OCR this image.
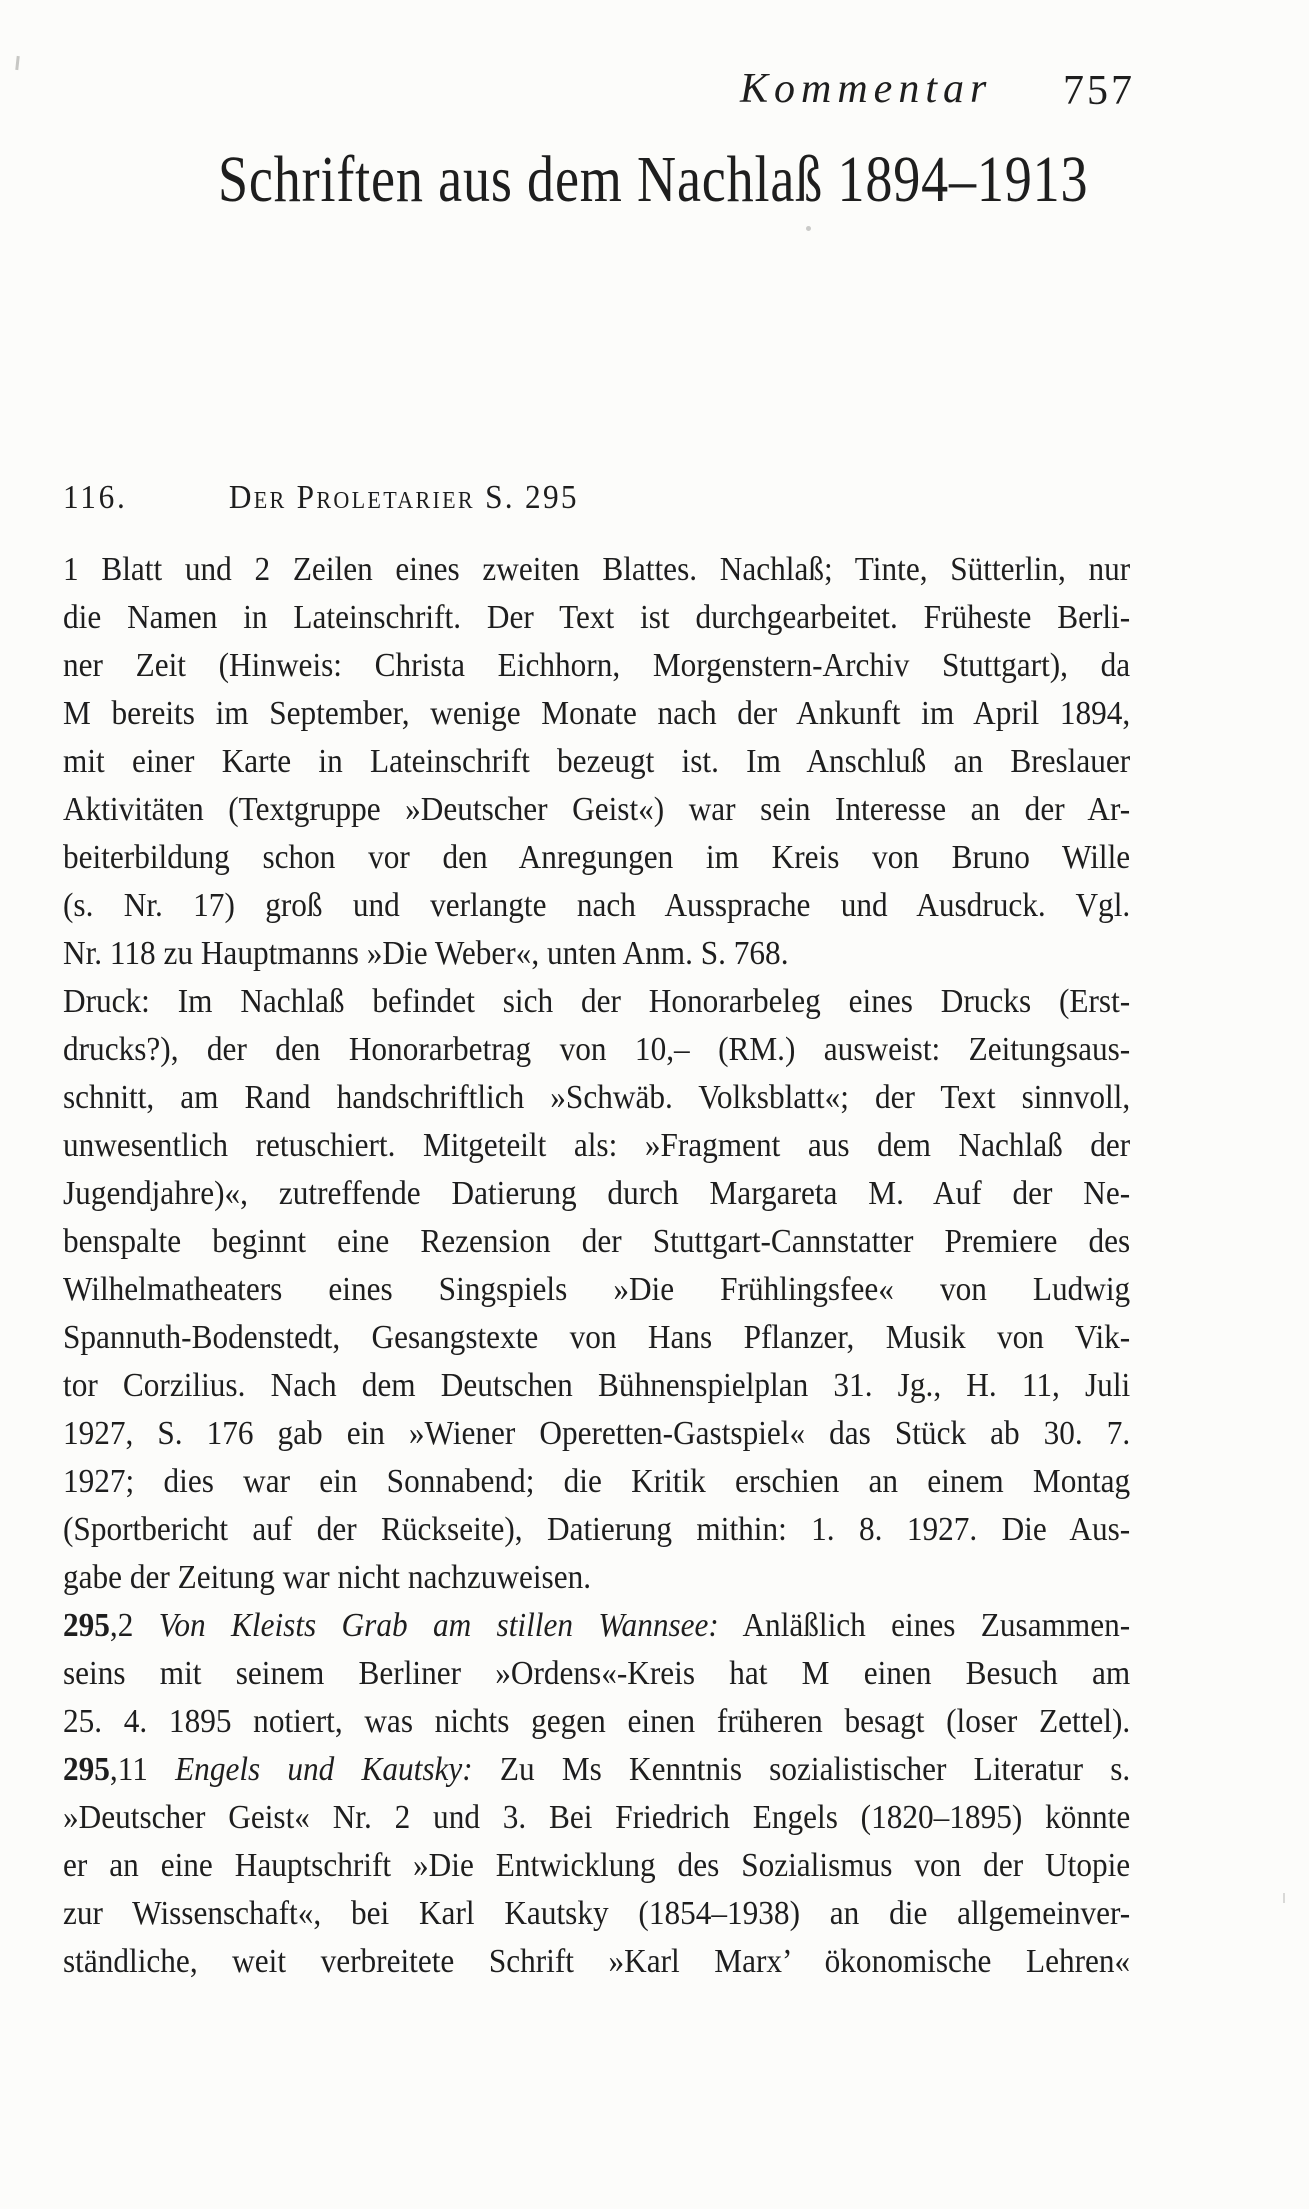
Kommentar	757
Schriften aus dem Nachlaß 1894–1913
116.	Der Proletarier S. 295
1 Blatt und 2 Zeilen eines zweiten Blattes. Nachlaß; Tinte, Sütterlin, nur
die Namen in Lateinschrift. Der Text ist durchgearbeitet. Früheste Berli-
ner Zeit (Hinweis: Christa Eichhorn, Morgenstern-Archiv Stuttgart), da
M bereits im September, wenige Monate nach der Ankunft im April 1894,
mit einer Karte in Lateinschrift bezeugt ist. Im Anschluß an Breslauer
Aktivitäten (Textgruppe »Deutscher Geist«) war sein Interesse an der Ar-
beiterbildung schon vor den Anregungen im Kreis von Bruno Wille
(s. Nr. 17) groß und verlangte nach Aussprache und Ausdruck. Vgl.
Nr. 118 zu Hauptmanns »Die Weber«, unten Anm. S. 768.
Druck: Im Nachlaß befindet sich der Honorarbeleg eines Drucks (Erst-
drucks?), der den Honorarbetrag von 10,– (RM.) ausweist: Zeitungsaus-
schnitt, am Rand handschriftlich »Schwäb. Volksblatt«; der Text sinnvoll,
unwesentlich retuschiert. Mitgeteilt als: »Fragment aus dem Nachlaß der
Jugendjahre)«, zutreffende Datierung durch Margareta M. Auf der Ne-
benspalte beginnt eine Rezension der Stuttgart-Cannstatter Premiere des
Wilhelmatheaters eines Singspiels »Die Frühlingsfee« von Ludwig
Spannuth-Bodenstedt, Gesangstexte von Hans Pflanzer, Musik von Vik-
tor Corzilius. Nach dem Deutschen Bühnenspielplan 31. Jg., H. 11, Juli
1927, S. 176 gab ein »Wiener Operetten-Gastspiel« das Stück ab 30. 7.
1927; dies war ein Sonnabend; die Kritik erschien an einem Montag
(Sportbericht auf der Rückseite), Datierung mithin: 1. 8. 1927. Die Aus-
gabe der Zeitung war nicht nachzuweisen.
295,2 Von Kleists Grab am stillen Wannsee: Anläßlich eines Zusammen-
seins mit seinem Berliner »Ordens«-Kreis hat M einen Besuch am
25. 4. 1895 notiert, was nichts gegen einen früheren besagt (loser Zettel).
295,11 Engels und Kautsky: Zu Ms Kenntnis sozialistischer Literatur s.
»Deutscher Geist« Nr. 2 und 3. Bei Friedrich Engels (1820–1895) könnte
er an eine Hauptschrift »Die Entwicklung des Sozialismus von der Utopie
zur Wissenschaft«, bei Karl Kautsky (1854–1938) an die allgemeinver-
ständliche, weit verbreitete Schrift »Karl Marx’ ökonomische Lehren«
